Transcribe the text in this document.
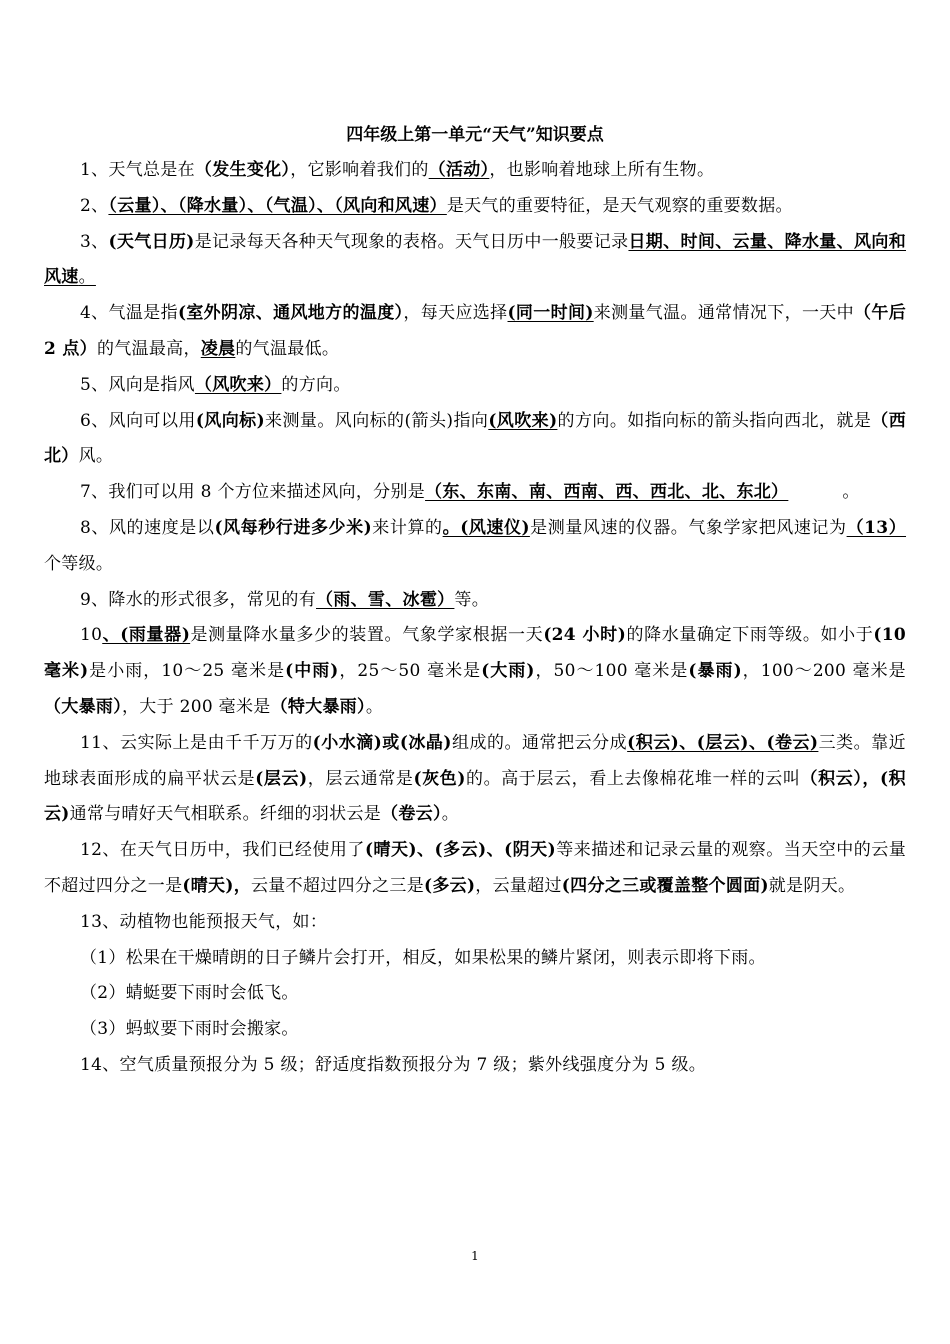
四年级上第一单元“天气”知识要点

1、天气总是在（发生变化），它影响着我们的（活动），也影响着地球上所有生物。

2、（云量）、（降水量）、（气温）、（风向和风速）是天气的重要特征，是天气观察的重要数据。

3、(天气日历)是记录每天各种天气现象的表格。天气日历中一般要记录日期、时间、云量、降水量、风向和风速。

4、气温是指(室外阴凉、通风地方的温度），每天应选择(同一时间)来测量气温。通常情况下，一天中（午后 2 点）的气温最高，凌晨的气温最低。

5、风向是指风（风吹来）的方向。

6、风向可以用(风向标)来测量。风向标的(箭头)指向(风吹来)的方向。如指向标的箭头指向西北，就是（西北）风。

7、我们可以用 8 个方位来描述风向，分别是（东、东南、南、西南、西、西北、北、东北）	。

8、风的速度是以(风每秒行进多少米)来计算的。(风速仪)是测量风速的仪器。气象学家把风速记为（13）个等级。

9、降水的形式很多，常见的有（雨、雪、冰雹）等。

10、(雨量器)是测量降水量多少的装置。气象学家根据一天(24 小时)的降水量确定下雨等级。如小于(10 毫米)是小雨，10～25 毫米是(中雨)，25～50 毫米是(大雨)，50～100 毫米是(暴雨)，100～200 毫米是（大暴雨），大于 200 毫米是（特大暴雨）。

11、云实际上是由千千万万的(小水滴)或(冰晶)组成的。通常把云分成(积云)、(层云)、(卷云)三类。靠近地球表面形成的扁平状云是(层云)，层云通常是(灰色)的。高于层云，看上去像棉花堆一样的云叫（积云），(积云)通常与晴好天气相联系。纤细的羽状云是（卷云）。

12、在天气日历中，我们已经使用了(晴天)、(多云)、(阴天)等来描述和记录云量的观察。当天空中的云量不超过四分之一是(晴天)，云量不超过四分之三是(多云)，云量超过(四分之三或覆盖整个圆面)就是阴天。

13、动植物也能预报天气，如：

（1）松果在干燥晴朗的日子鳞片会打开，相反，如果松果的鳞片紧闭，则表示即将下雨。

（2）蜻蜓要下雨时会低飞。

（3）蚂蚁要下雨时会搬家。

14、空气质量预报分为 5 级；舒适度指数预报分为 7 级；紫外线强度分为 5 级。

1
